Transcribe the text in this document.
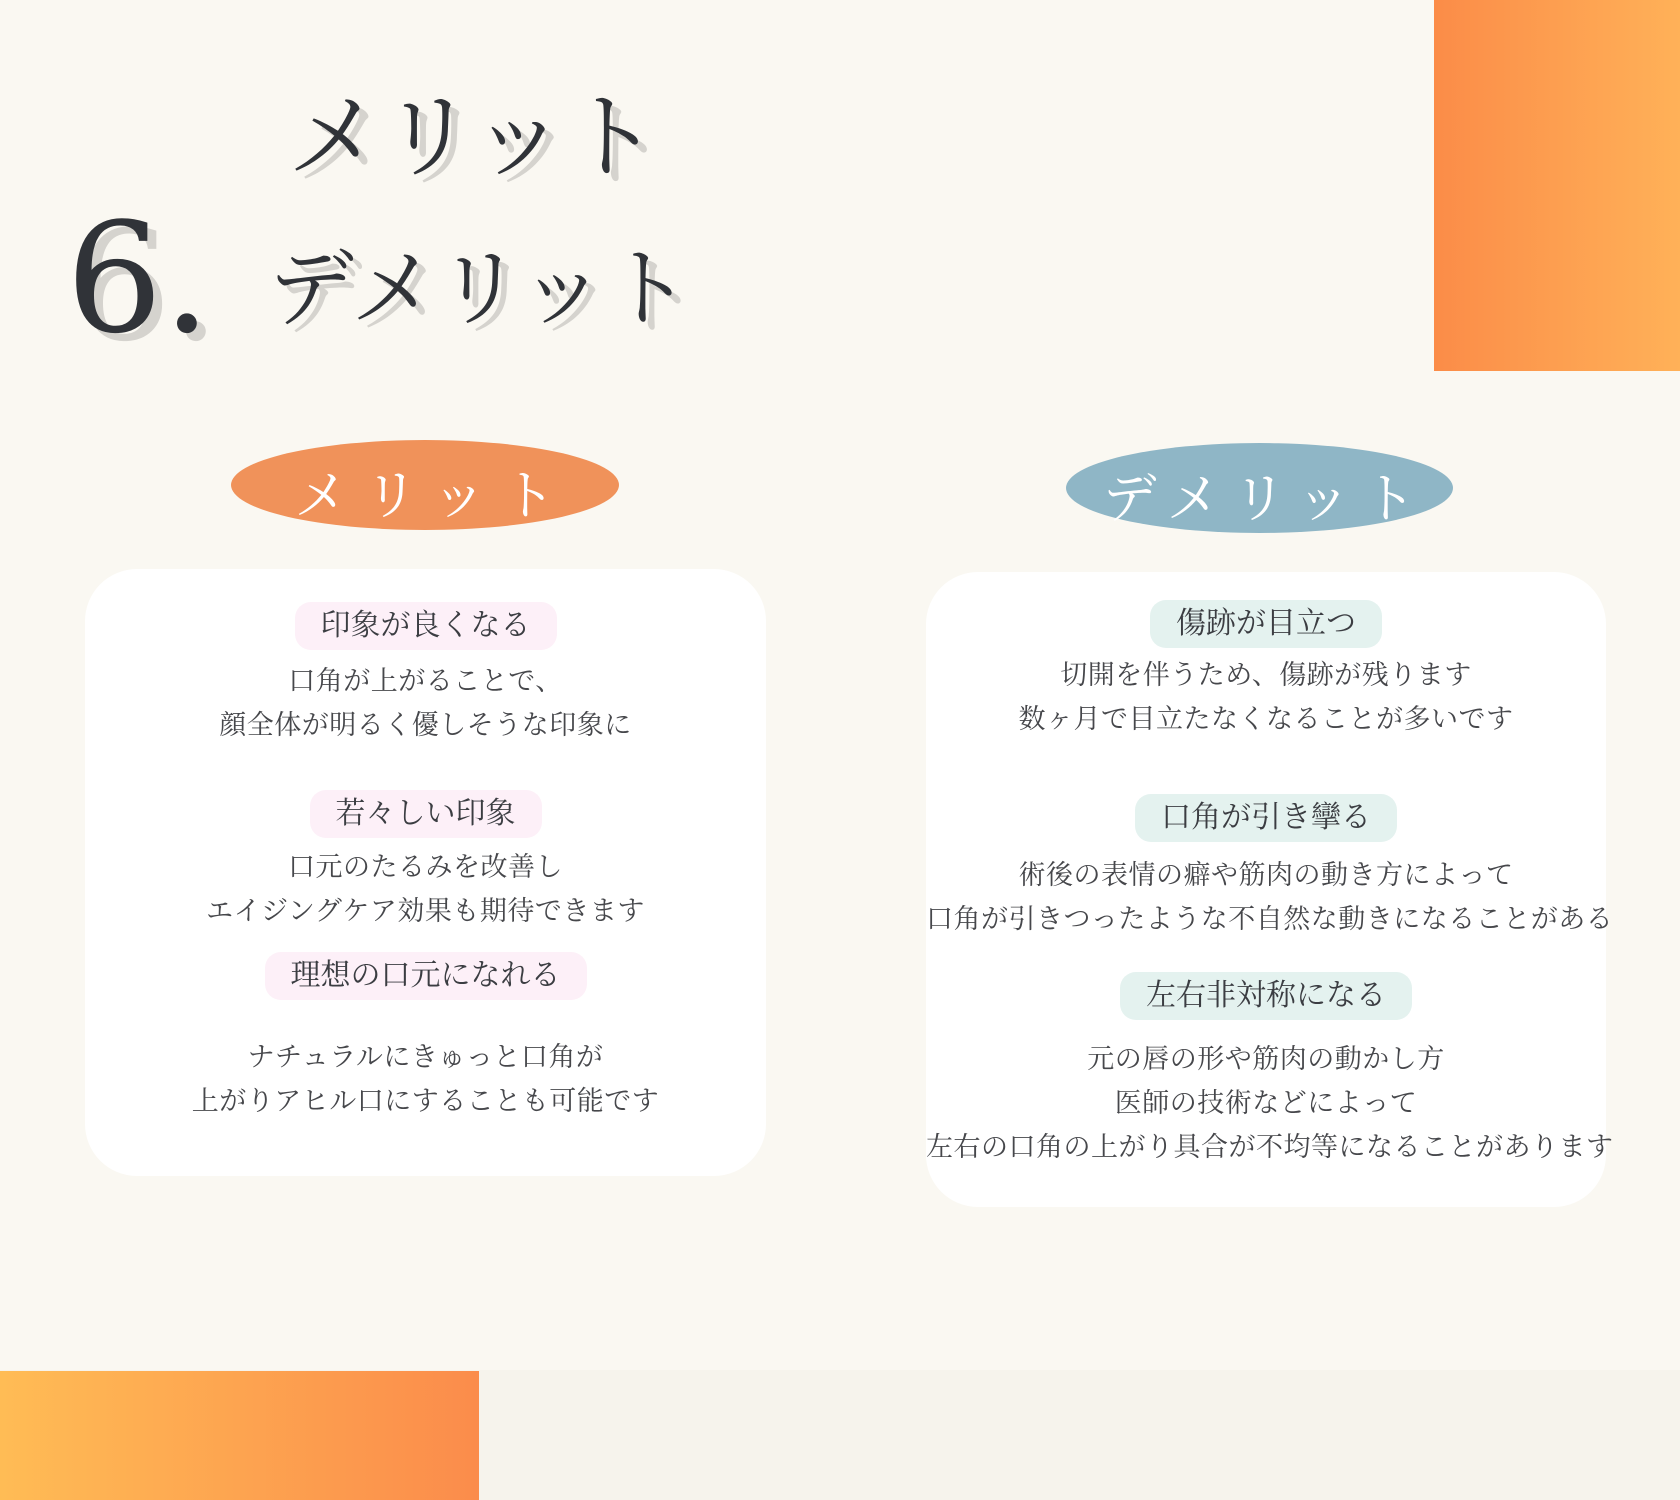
メリット
6. デメリット
メリット	デメリット
印象が良くなる
口角が上がることで、
顔全体が明るく優しそうな印象に
若々しい印象
口元のたるみを改善し
エイジングケア効果も期待できます
理想の口元になれる
ナチュラルにきゅっと口角が
上がりアヒル口にすることも可能です
傷跡が目立つ
切開を伴うため、傷跡が残ります
数ヶ月で目立たなくなることが多いです
口角が引き攣る
術後の表情の癖や筋肉の動き方によって
口角が引きつったような不自然な動きになることがある
左右非対称になる
元の唇の形や筋肉の動かし方
医師の技術などによって
左右の口角の上がり具合が不均等になることがあります
